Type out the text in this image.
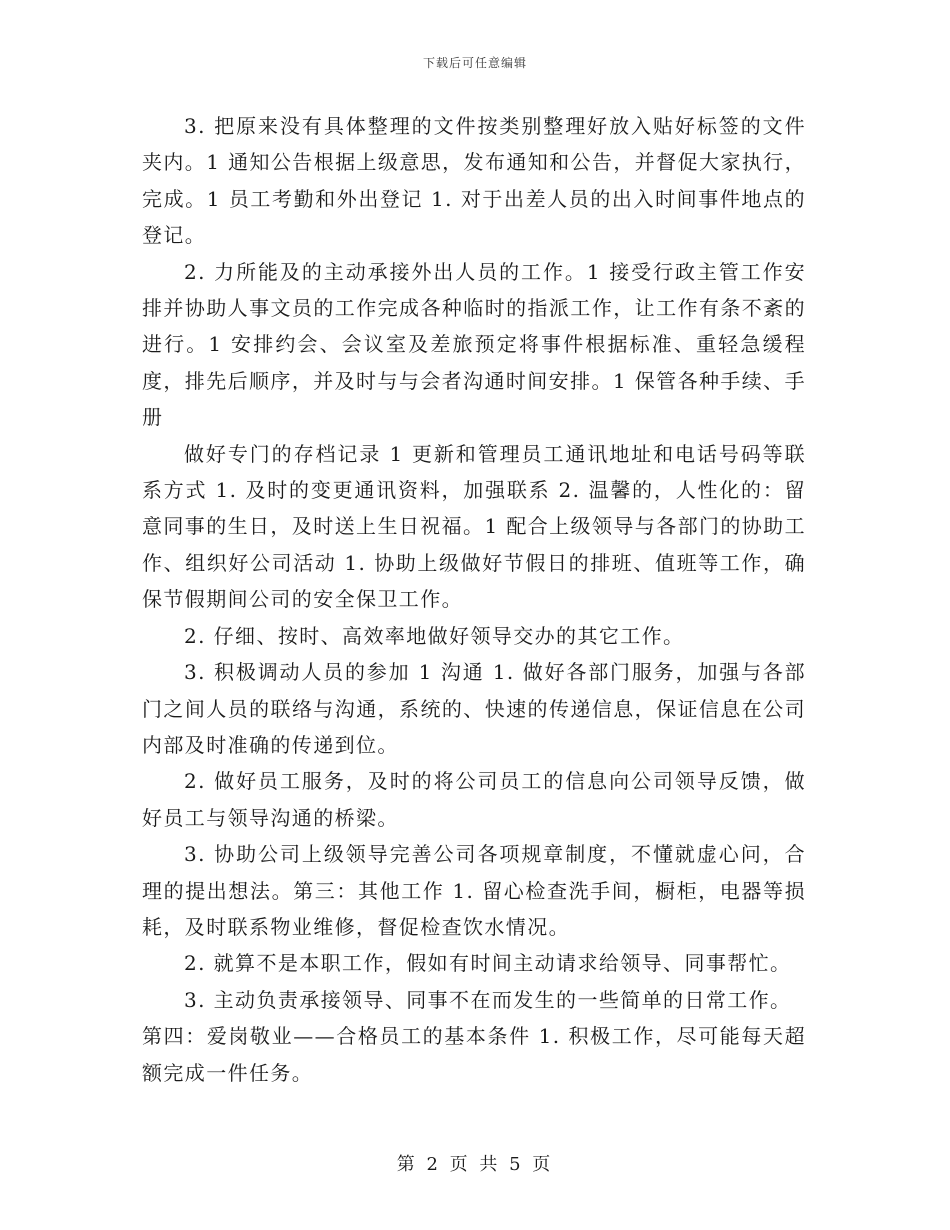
下载后可任意编辑

3. 把原来没有具体整理的文件按类别整理好放入贴好标签的文件夹内。1 通知公告根据上级意思，发布通知和公告，并督促大家执行，完成。1 员工考勤和外出登记 1. 对于出差人员的出入时间事件地点的登记。

2. 力所能及的主动承接外出人员的工作。1 接受行政主管工作安排并协助人事文员的工作完成各种临时的指派工作，让工作有条不紊的进行。1 安排约会、会议室及差旅预定将事件根据标准、重轻急缓程度，排先后顺序，并及时与与会者沟通时间安排。1 保管各种手续、手册

做好专门的存档记录 1 更新和管理员工通讯地址和电话号码等联系方式 1. 及时的变更通讯资料，加强联系 2. 温馨的，人性化的：留意同事的生日，及时送上生日祝福。1 配合上级领导与各部门的协助工作、组织好公司活动 1. 协助上级做好节假日的排班、值班等工作，确保节假期间公司的安全保卫工作。

2. 仔细、按时、高效率地做好领导交办的其它工作。

3. 积极调动人员的参加 1 沟通 1. 做好各部门服务，加强与各部门之间人员的联络与沟通，系统的、快速的传递信息，保证信息在公司内部及时准确的传递到位。

2. 做好员工服务，及时的将公司员工的信息向公司领导反馈，做好员工与领导沟通的桥梁。

3. 协助公司上级领导完善公司各项规章制度，不懂就虚心问，合理的提出想法。第三：其他工作 1. 留心检查洗手间，橱柜，电器等损耗，及时联系物业维修，督促检查饮水情况。

2. 就算不是本职工作，假如有时间主动请求给领导、同事帮忙。

3. 主动负责承接领导、同事不在而发生的一些简单的日常工作。

第四：爱岗敬业——合格员工的基本条件 1. 积极工作，尽可能每天超额完成一件任务。

第 2 页 共 5 页
